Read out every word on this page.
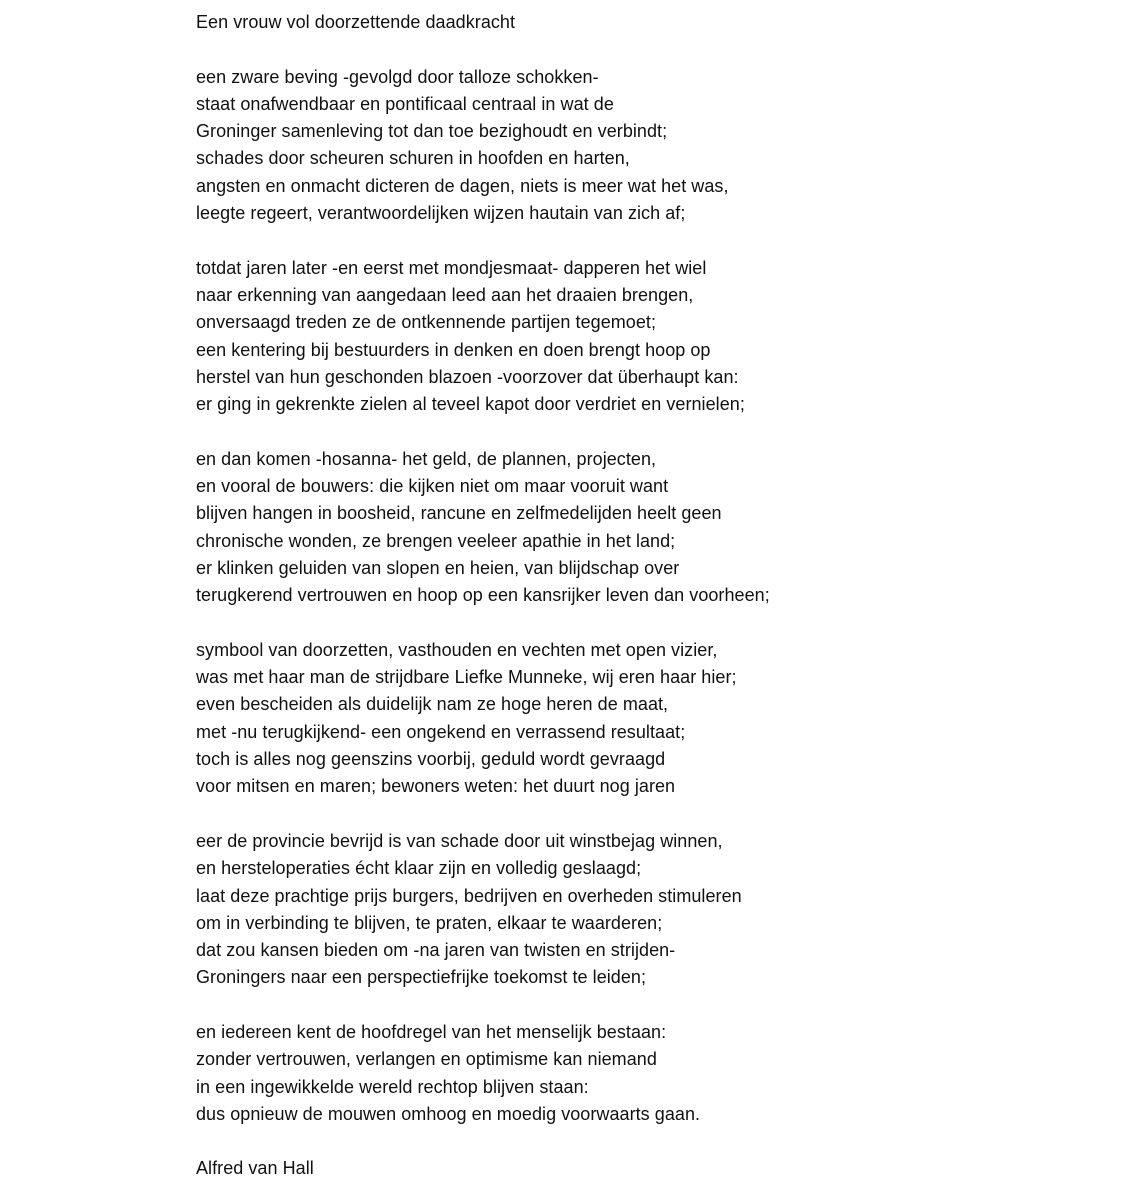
Een vrouw vol doorzettende daadkracht
een zware beving -gevolgd door talloze schokken-
staat onafwendbaar en pontificaal centraal in wat de
Groninger samenleving tot dan toe bezighoudt en verbindt;
schades door scheuren schuren in hoofden en harten,
angsten en onmacht dicteren de dagen, niets is meer wat het was,
leegte regeert, verantwoordelijken wijzen hautain van zich af;
totdat jaren later -en eerst met mondjesmaat- dapperen het wiel
naar erkenning van aangedaan leed aan het draaien brengen,
onversaagd treden ze de ontkennende partijen tegemoet;
een kentering bij bestuurders in denken en doen brengt hoop op
herstel van hun geschonden blazoen -voorzover dat überhaupt kan:
er ging in gekrenkte zielen al teveel kapot door verdriet en vernielen;
en dan komen -hosanna- het geld, de plannen, projecten,
en vooral de bouwers: die kijken niet om maar vooruit want
blijven hangen in boosheid, rancune en zelfmedelijden heelt geen
chronische wonden, ze brengen veeleer apathie in het land;
er klinken geluiden van slopen en heien, van blijdschap over
terugkerend vertrouwen en hoop op een kansrijker leven dan voorheen;
symbool van doorzetten, vasthouden en vechten met open vizier,
was met haar man de strijdbare Liefke Munneke, wij eren haar hier;
even bescheiden als duidelijk nam ze hoge heren de maat,
met -nu terugkijkend- een ongekend en verrassend resultaat;
toch is alles nog geenszins voorbij, geduld wordt gevraagd
voor mitsen en maren; bewoners weten: het duurt nog jaren
eer de provincie bevrijd is van schade door uit winstbejag winnen,
en hersteloperaties écht klaar zijn en volledig geslaagd;
laat deze prachtige prijs burgers, bedrijven en overheden stimuleren
om in verbinding te blijven, te praten, elkaar te waarderen;
dat zou kansen bieden om -na jaren van twisten en strijden-
Groningers naar een perspectiefrijke toekomst te leiden;
en iedereen kent de hoofdregel van het menselijk bestaan:
zonder vertrouwen, verlangen en optimisme kan niemand
in een ingewikkelde wereld rechtop blijven staan:
dus opnieuw de mouwen omhoog en moedig voorwaarts gaan.
Alfred van Hall
